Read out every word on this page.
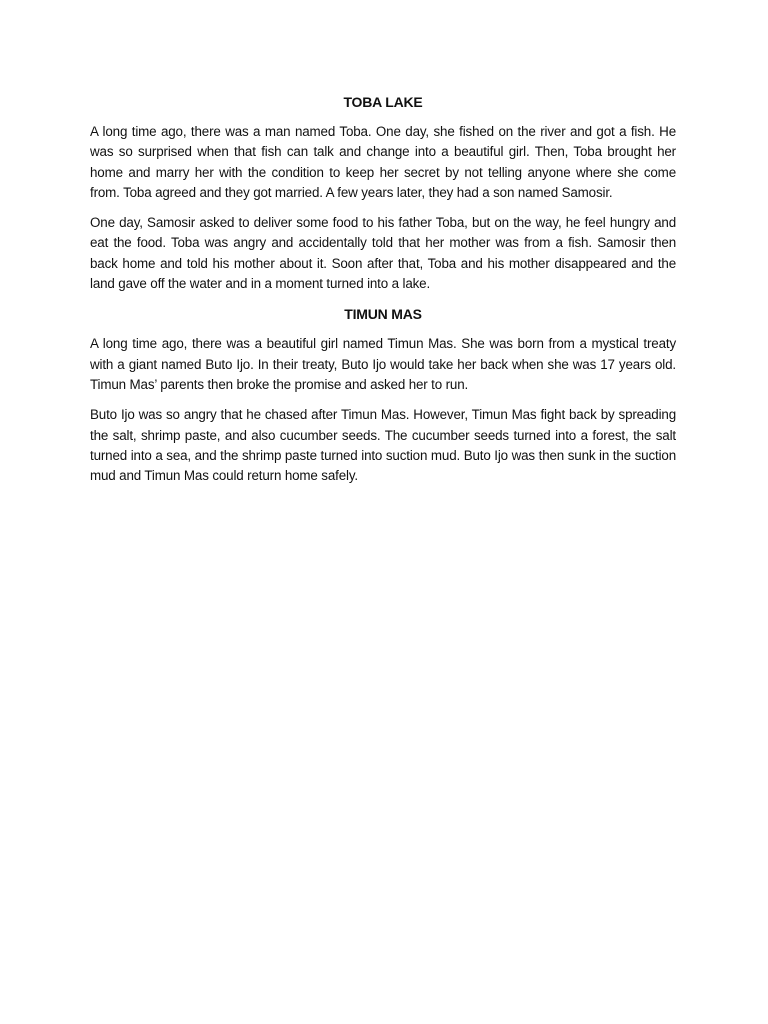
TOBA LAKE

A long time ago, there was a man named Toba. One day, she fished on the river and got a fish. He was so surprised when that fish can talk and change into a beautiful girl. Then, Toba brought her home and marry her with the condition to keep her secret by not telling anyone where she come from. Toba agreed and they got married. A few years later, they had a son named Samosir.

One day, Samosir asked to deliver some food to his father Toba, but on the way, he feel hungry and eat the food. Toba was angry and accidentally told that her mother was from a fish. Samosir then back home and told his mother about it. Soon after that, Toba and his mother disappeared and the land gave off the water and in a moment turned into a lake.

TIMUN MAS

A long time ago, there was a beautiful girl named Timun Mas. She was born from a mystical treaty with a giant named Buto Ijo. In their treaty, Buto Ijo would take her back when she was 17 years old. Timun Mas’ parents then broke the promise and asked her to run.

Buto Ijo was so angry that he chased after Timun Mas. However, Timun Mas fight back by spreading the salt, shrimp paste, and also cucumber seeds. The cucumber seeds turned into a forest, the salt turned into a sea, and the shrimp paste turned into suction mud. Buto Ijo was then sunk in the suction mud and Timun Mas could return home safely.
